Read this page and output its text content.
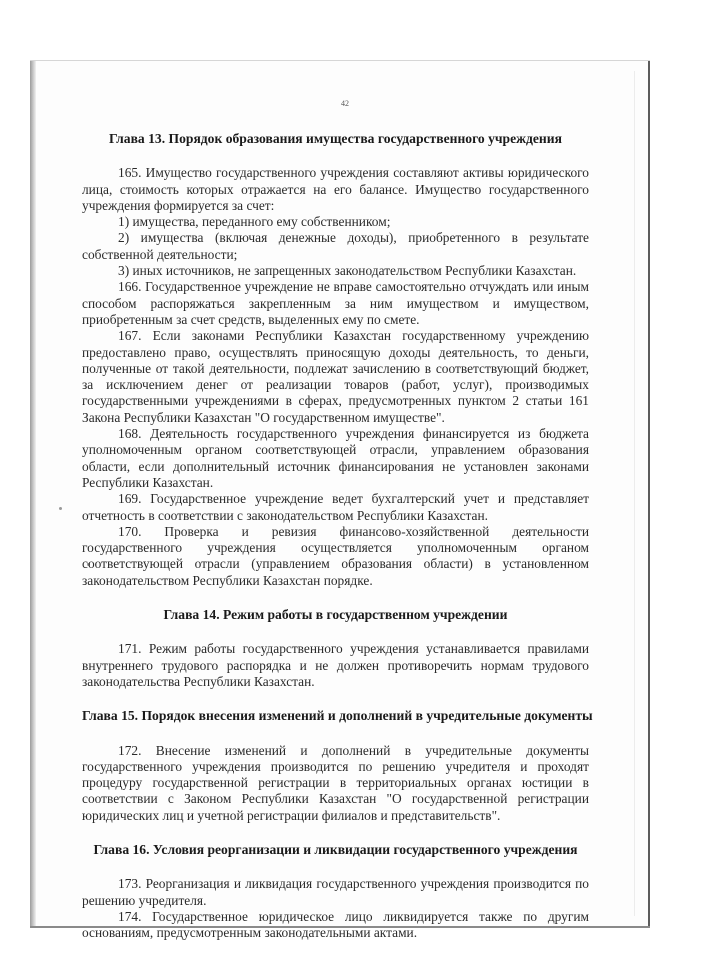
42
Глава 13. Порядок образования имущества государственного учреждения

165. Имущество государственного учреждения составляют активы юридического лица, стоимость которых отражается на его балансе. Имущество государственного учреждения формируется за счет:

1) имущества, переданного ему собственником;

2) имущества (включая денежные доходы), приобретенного в результате собственной деятельности;

3) иных источников, не запрещенных законодательством Республики Казахстан.

166. Государственное учреждение не вправе самостоятельно отчуждать или иным способом распоряжаться закрепленным за ним имуществом и имуществом, приобретенным за счет средств, выделенных ему по смете.

167. Если законами Республики Казахстан государственному учреждению предоставлено право, осуществлять приносящую доходы деятельность, то деньги, полученные от такой деятельности, подлежат зачислению в соответствующий бюджет, за исключением денег от реализации товаров (работ, услуг), производимых государственными учреждениями в сферах, предусмотренных пунктом 2 статьи 161 Закона Республики Казахстан "О государственном имуществе".

168. Деятельность государственного учреждения финансируется из бюджета уполномоченным органом соответствующей отрасли, управлением образования области, если дополнительный источник финансирования не установлен законами Республики Казахстан.

169. Государственное учреждение ведет бухгалтерский учет и представляет отчетность в соответствии с законодательством Республики Казахстан.

170. Проверка и ревизия финансово-хозяйственной деятельности государственного учреждения осуществляется уполномоченным органом соответствующей отрасли (управлением образования области) в установленном законодательством Республики Казахстан порядке.

Глава 14. Режим работы в государственном учреждении

171. Режим работы государственного учреждения устанавливается правилами внутреннего трудового распорядка и не должен противоречить нормам трудового законодательства Республики Казахстан.

Глава 15. Порядок внесения изменений и дополнений в учредительные документы

172. Внесение изменений и дополнений в учредительные документы государственного учреждения производится по решению учредителя и проходят процедуру государственной регистрации в территориальных органах юстиции в соответствии с Законом Республики Казахстан "О государственной регистрации юридических лиц и учетной регистрации филиалов и представительств".

Глава 16. Условия реорганизации и ликвидации государственного учреждения

173. Реорганизация и ликвидация государственного учреждения производится по решению учредителя.

174. Государственное юридическое лицо ликвидируется также по другим основаниям, предусмотренным законодательными актами.
